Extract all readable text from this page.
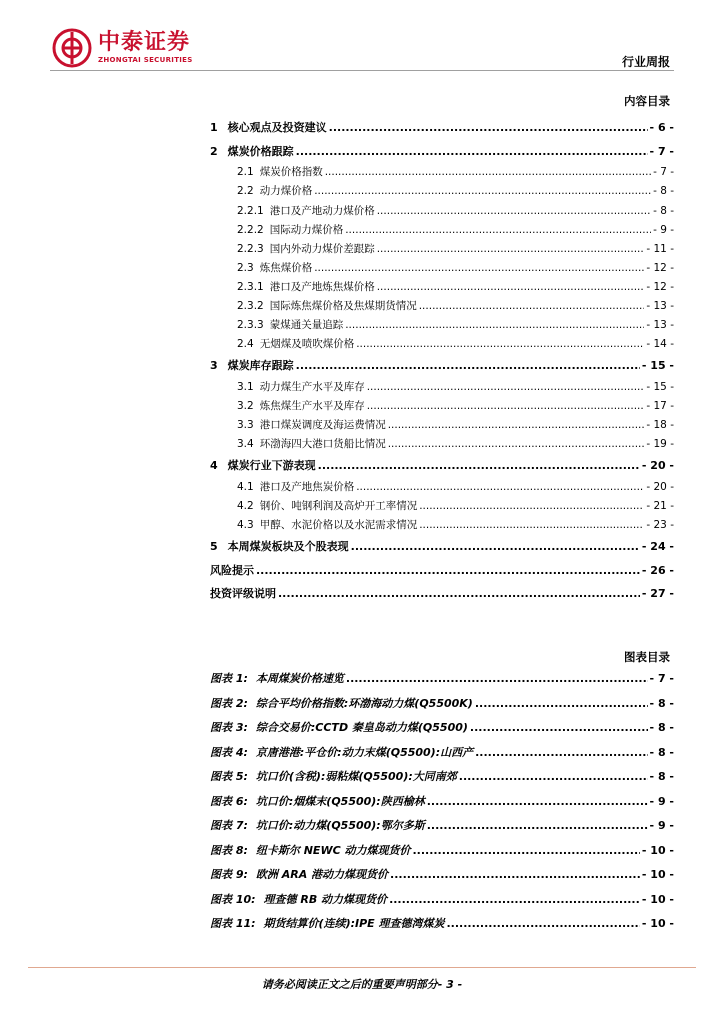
中泰证券
ZHONGTAI SECURITIES	行业周报
内容目录
1 核心观点及投资建议 .....	- 6 -
2 煤炭价格跟踪 .....	- 7 -
2.1 煤炭价格指数 .....	- 7 -
2.2 动力煤价格 .....	- 8 -
2.2.1 港口及产地动力煤价格 .....	- 8 -
2.2.2 国际动力煤价格 .....	- 9 -
2.2.3 国内外动力煤价差跟踪 .....	- 11 -
2.3 炼焦煤价格 .....	- 12 -
2.3.1 港口及产地炼焦煤价格 .....	- 12 -
2.3.2 国际炼焦煤价格及焦煤期货情况 .....	- 13 -
2.3.3 蒙煤通关量追踪 .....	- 13 -
2.4 无烟煤及喷吹煤价格 .....	- 14 -
3 煤炭库存跟踪 .....	- 15 -
3.1 动力煤生产水平及库存 .....	- 15 -
3.2 炼焦煤生产水平及库存 .....	- 17 -
3.3 港口煤炭调度及海运费情况 .....	- 18 -
3.4 环渤海四大港口货船比情况 .....	- 19 -
4 煤炭行业下游表现 .....	- 20 -
4.1 港口及产地焦炭价格 .....	- 20 -
4.2 钢价、吨钢利润及高炉开工率情况 .....	- 21 -
4.3 甲醇、水泥价格以及水泥需求情况 .....	- 23 -
5 本周煤炭板块及个股表现 .....	- 24 -
风险提示 .....	- 26 -
投资评级说明 .....	- 27 -
图表目录
图表 1: 本周煤炭价格速览 .....	- 7 -
图表 2: 综合平均价格指数:环渤海动力煤(Q5500K) .....	- 8 -
图表 3: 综合交易价:CCTD 秦皇岛动力煤(Q5500) .....	- 8 -
图表 4: 京唐港港:平仓价:动力末煤(Q5500):山西产 .....	- 8 -
图表 5: 坑口价(含税):弱粘煤(Q5500):大同南郊 .....	- 8 -
图表 6: 坑口价:烟煤末(Q5500):陕西榆林 .....	- 9 -
图表 7: 坑口价:动力煤(Q5500):鄂尔多斯 .....	- 9 -
图表 8: 纽卡斯尔 NEWC 动力煤现货价 .....	- 10 -
图表 9: 欧洲 ARA 港动力煤现货价 .....	- 10 -
图表 10: 理查德 RB 动力煤现货价 .....	- 10 -
图表 11: 期货结算价(连续):IPE 理查德湾煤炭 .....	- 10 -
请务必阅读正文之后的重要声明部分- 3 -
